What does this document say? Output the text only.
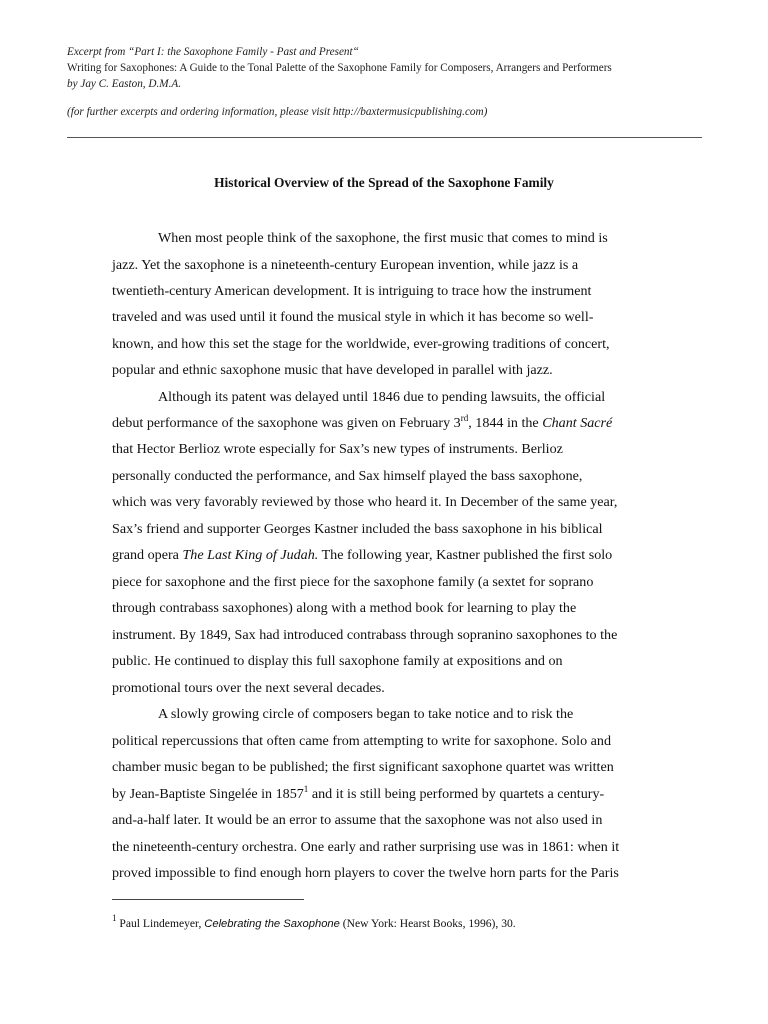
Excerpt from “Part I: the Saxophone Family - Past and Present“
Writing for Saxophones: A Guide to the Tonal Palette of the Saxophone Family for Composers, Arrangers and Performers
by Jay C. Easton, D.M.A.
(for further excerpts and ordering information, please visit http://baxtermusicpublishing.com)
Historical Overview of the Spread of the Saxophone Family
When most people think of the saxophone, the first music that comes to mind is
jazz. Yet the saxophone is a nineteenth-century European invention, while jazz is a
twentieth-century American development. It is intriguing to trace how the instrument
traveled and was used until it found the musical style in which it has become so well-
known, and how this set the stage for the worldwide, ever-growing traditions of concert,
popular and ethnic saxophone music that have developed in parallel with jazz.
Although its patent was delayed until 1846 due to pending lawsuits, the official
debut performance of the saxophone was given on February 3rd, 1844 in the Chant Sacré
that Hector Berlioz wrote especially for Sax’s new types of instruments. Berlioz
personally conducted the performance, and Sax himself played the bass saxophone,
which was very favorably reviewed by those who heard it. In December of the same year,
Sax’s friend and supporter Georges Kastner included the bass saxophone in his biblical
grand opera The Last King of Judah. The following year, Kastner published the first solo
piece for saxophone and the first piece for the saxophone family (a sextet for soprano
through contrabass saxophones) along with a method book for learning to play the
instrument. By 1849, Sax had introduced contrabass through sopranino saxophones to the
public. He continued to display this full saxophone family at expositions and on
promotional tours over the next several decades.
A slowly growing circle of composers began to take notice and to risk the
political repercussions that often came from attempting to write for saxophone. Solo and
chamber music began to be published; the first significant saxophone quartet was written
by Jean-Baptiste Singelée in 1857$^1$ and it is still being performed by quartets a century-
and-a-half later. It would be an error to assume that the saxophone was not also used in
the nineteenth-century orchestra. One early and rather surprising use was in 1861: when it
proved impossible to find enough horn players to cover the twelve horn parts for the Paris
$^1$ Paul Lindemeyer, Celebrating the Saxophone (New York: Hearst Books, 1996), 30.
